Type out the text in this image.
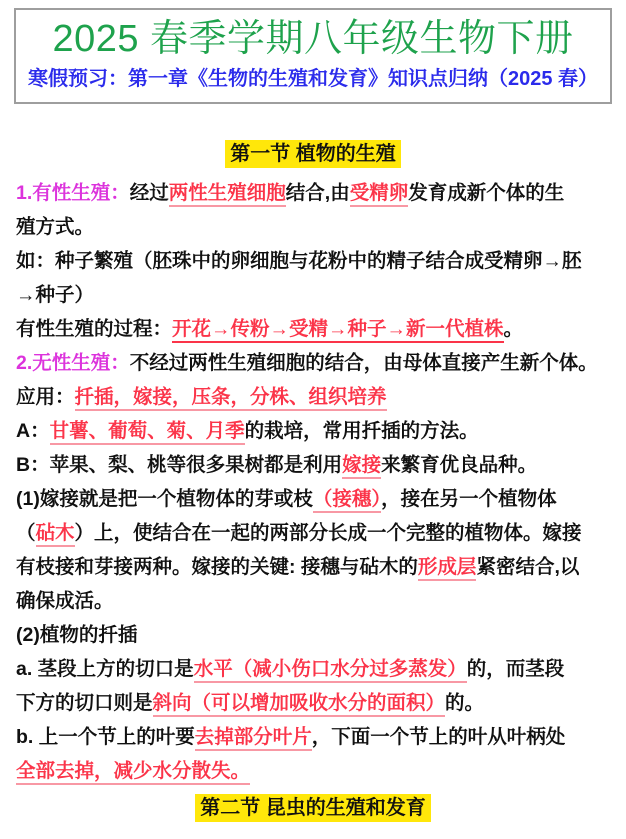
2025 春季学期八年级生物下册
寒假预习：第一章《生物的生殖和发育》知识点归纳（2025 春）
第一节 植物的生殖
1.有性生殖：经过两性生殖细胞结合,由受精卵发育成新个体的生
殖方式。
如：种子繁殖（胚珠中的卵细胞与花粉中的精子结合成受精卵→胚
→种子）
有性生殖的过程：开花→传粉→受精→种子→新一代植株。
2.无性生殖：不经过两性生殖细胞的结合，由母体直接产生新个体。
应用：扦插，嫁接，压条，分株、组织培养
A：甘薯、葡萄、菊、月季的栽培，常用扦插的方法。
B：苹果、梨、桃等很多果树都是利用嫁接来繁育优良品种。
(1)嫁接就是把一个植物体的芽或枝（接穗），接在另一个植物体
（砧木）上，使结合在一起的两部分长成一个完整的植物体。嫁接
有枝接和芽接两种。嫁接的关键: 接穗与砧木的形成层紧密结合,以
确保成活。
(2)植物的扦插
a. 茎段上方的切口是水平（减小伤口水分过多蒸发）的，而茎段
下方的切口则是斜向（可以增加吸收水分的面积）的。
b. 上一个节上的叶要去掉部分叶片，下面一个节上的叶从叶柄处
全部去掉，减少水分散失。
第二节 昆虫的生殖和发育
